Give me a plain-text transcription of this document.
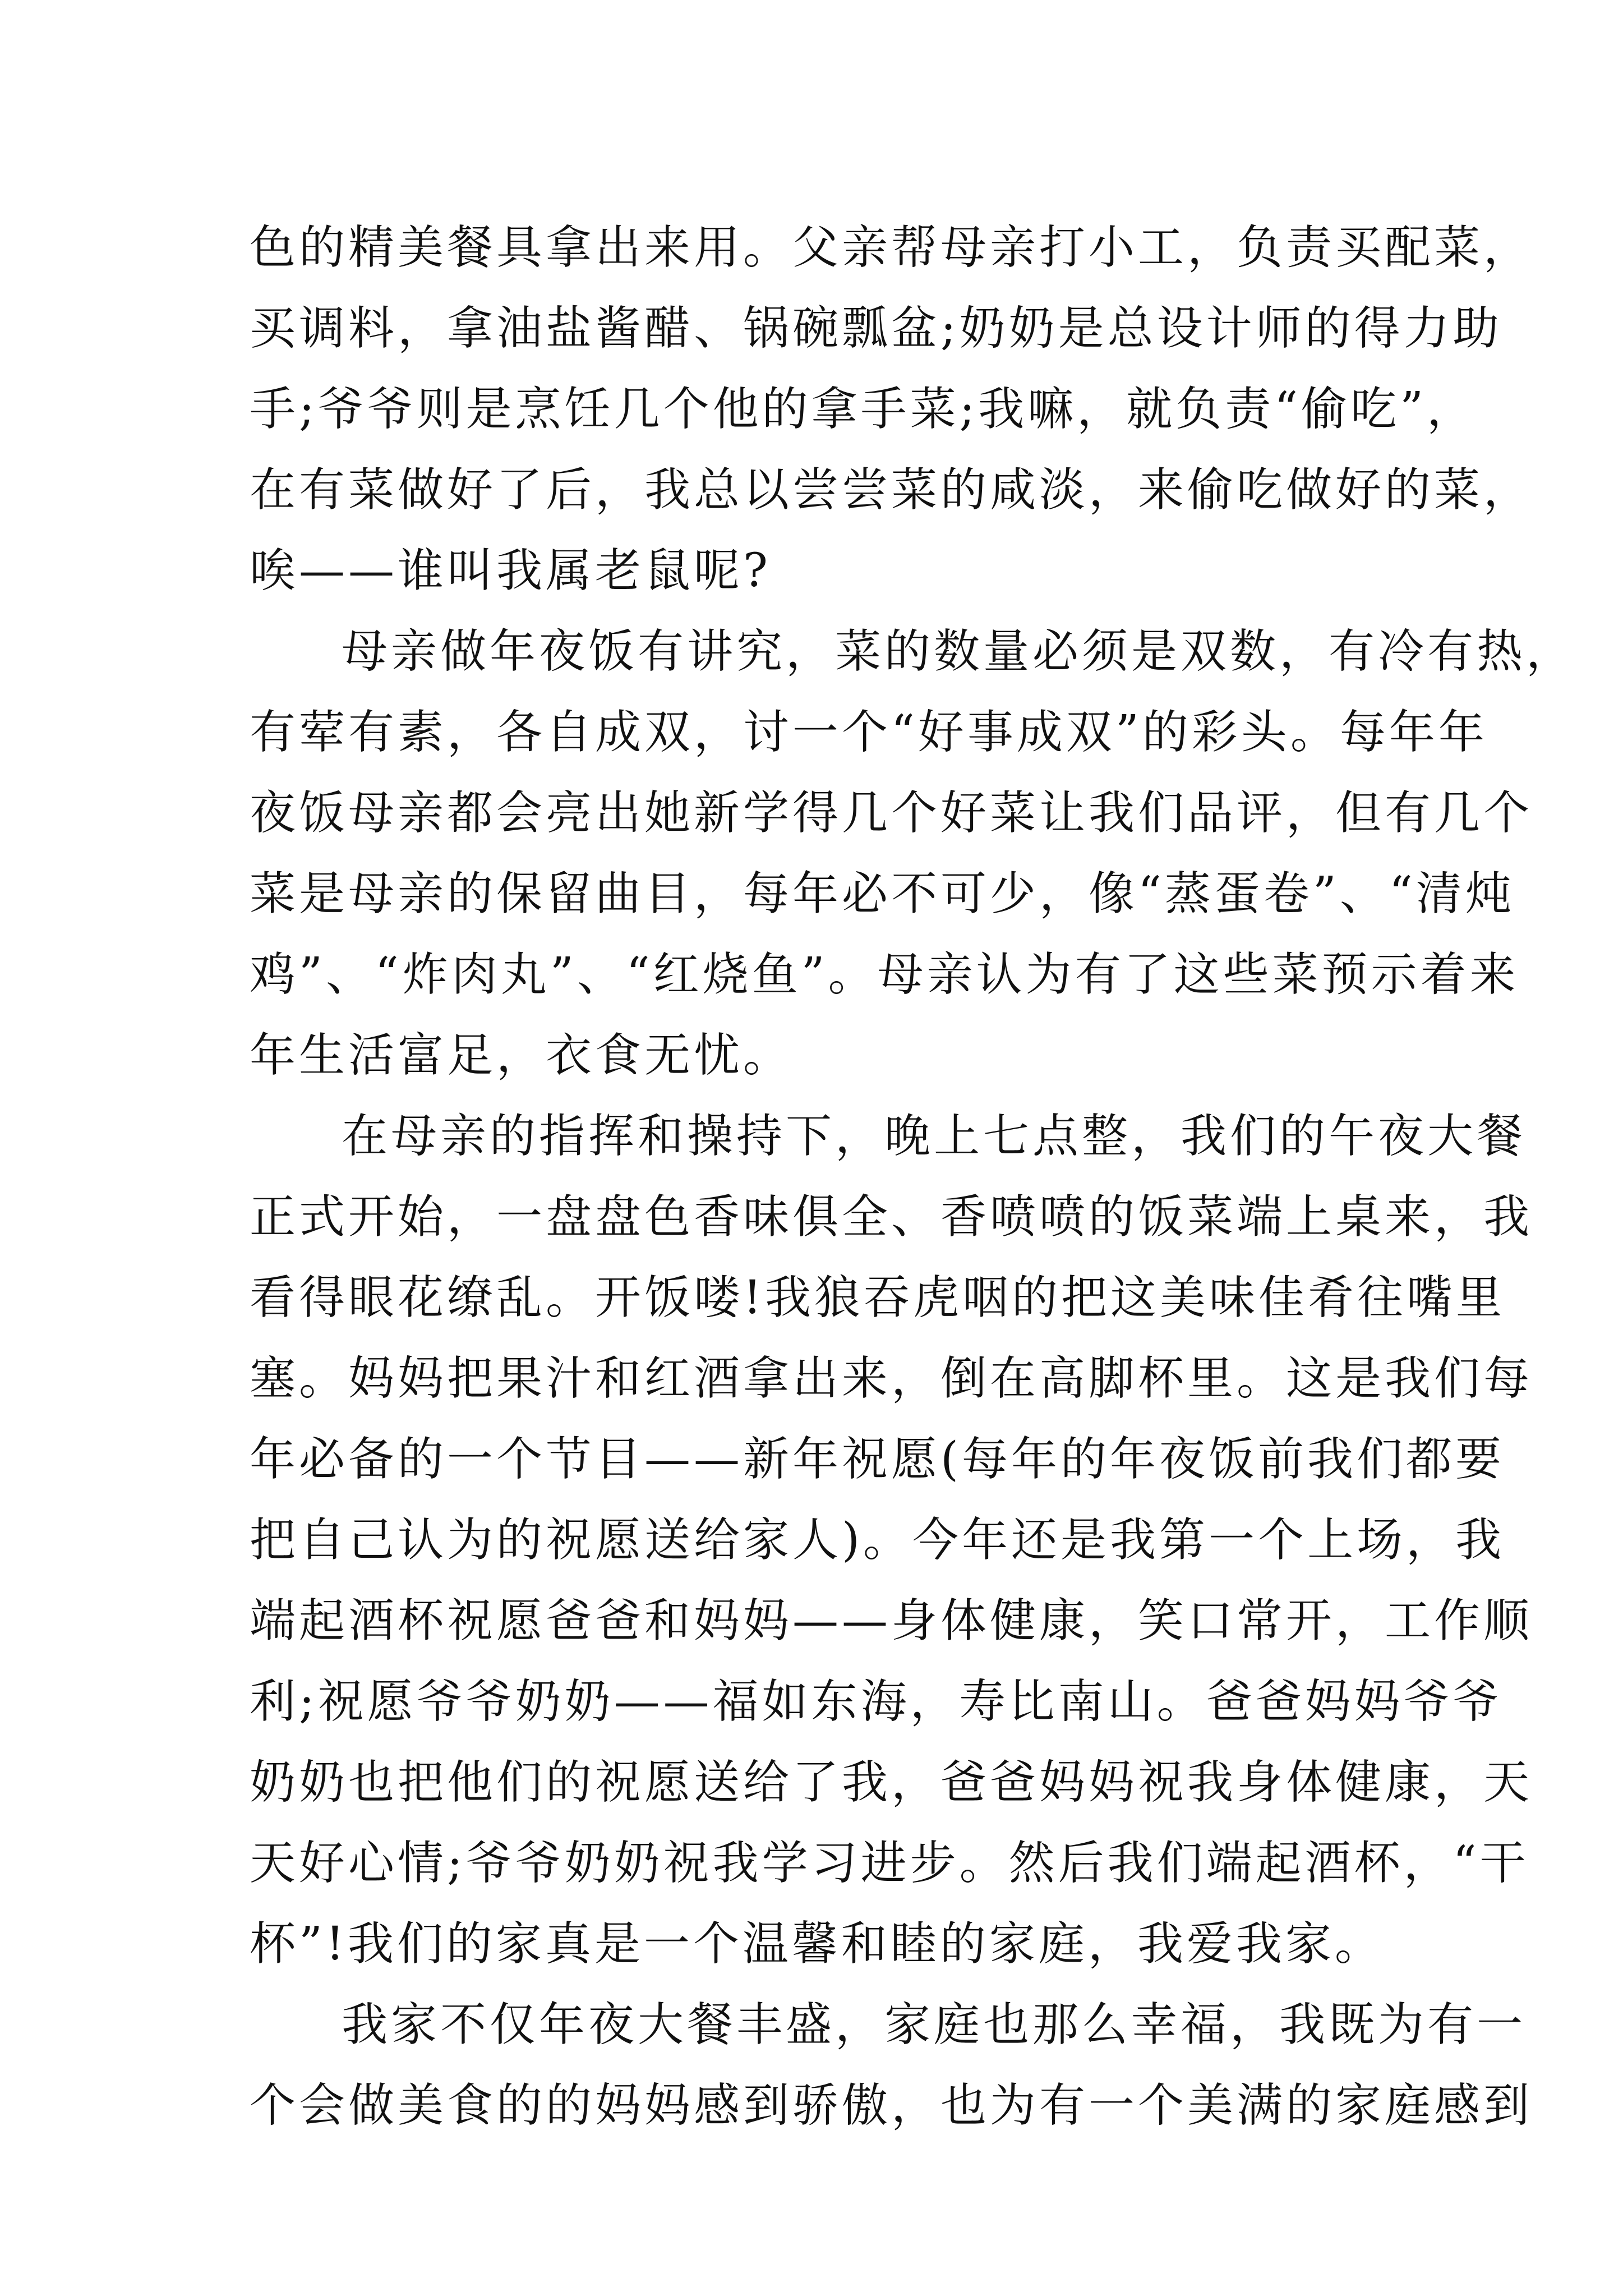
色的精美餐具拿出来用。父亲帮母亲打小工，负责买配菜，
买调料，拿油盐酱醋、锅碗瓢盆;奶奶是总设计师的得力助
手;爷爷则是烹饪几个他的拿手菜;我嘛，就负责“偷吃”，
在有菜做好了后，我总以尝尝菜的咸淡，来偷吃做好的菜，
唉——谁叫我属老鼠呢?

母亲做年夜饭有讲究，菜的数量必须是双数，有冷有热，
有荤有素，各自成双，讨一个“好事成双”的彩头。每年年
夜饭母亲都会亮出她新学得几个好菜让我们品评，但有几个
菜是母亲的保留曲目，每年必不可少，像“蒸蛋卷”、“清炖
鸡”、“炸肉丸”、“红烧鱼”。母亲认为有了这些菜预示着来
年生活富足，衣食无忧。

在母亲的指挥和操持下，晚上七点整，我们的午夜大餐
正式开始，一盘盘色香味俱全、香喷喷的饭菜端上桌来，我
看得眼花缭乱。开饭喽!我狼吞虎咽的把这美味佳肴往嘴里
塞。妈妈把果汁和红酒拿出来，倒在高脚杯里。这是我们每
年必备的一个节目——新年祝愿(每年的年夜饭前我们都要
把自己认为的祝愿送给家人)。今年还是我第一个上场，我
端起酒杯祝愿爸爸和妈妈——身体健康，笑口常开，工作顺
利;祝愿爷爷奶奶——福如东海，寿比南山。爸爸妈妈爷爷
奶奶也把他们的祝愿送给了我，爸爸妈妈祝我身体健康，天
天好心情;爷爷奶奶祝我学习进步。然后我们端起酒杯，“干
杯”!我们的家真是一个温馨和睦的家庭，我爱我家。

我家不仅年夜大餐丰盛，家庭也那么幸福，我既为有一
个会做美食的的妈妈感到骄傲，也为有一个美满的家庭感到
